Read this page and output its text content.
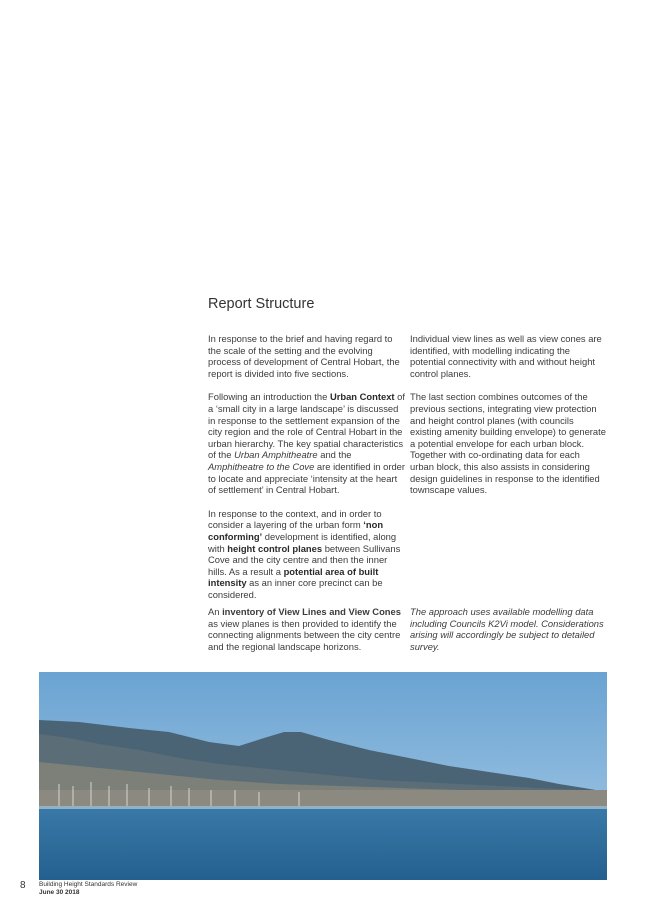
Report Structure

In response to the brief and having regard to the scale of the setting and the evolving process of development of Central Hobart, the report is divided into five sections.

Following an introduction the Urban Context of a ‘small city in a large landscape’ is discussed in response to the settlement expansion of the city region and the role of Central Hobart in the urban hierarchy. The key spatial characteristics of the Urban Amphitheatre and the Amphitheatre to the Cove are identified in order to locate and appreciate ‘intensity at the heart of settlement’ in Central Hobart.

In response to the context, and in order to consider a layering of the urban form ‘non conforming’ development is identified, along with height control planes between Sullivans Cove and the city centre and then the inner hills. As a result a potential area of built intensity as an inner core precinct can be considered.

An inventory of View Lines and View Cones as view planes is then provided to identify the connecting alignments between the city centre and the regional landscape horizons.

Individual view lines as well as view cones are identified, with modelling indicating the potential connectivity with and without height control planes.

The last section combines outcomes of the previous sections, integrating view protection and height control planes (with councils existing amenity building envelope) to generate a potential envelope for each urban block. Together with co-ordinating data for each urban block, this also assists in considering design guidelines in response to the identified townscape values.

The approach uses available modelling data including Councils K2Vi model. Considerations arising will accordingly be subject to detailed survey.

8 Building Height Standards Review
June 30 2018
